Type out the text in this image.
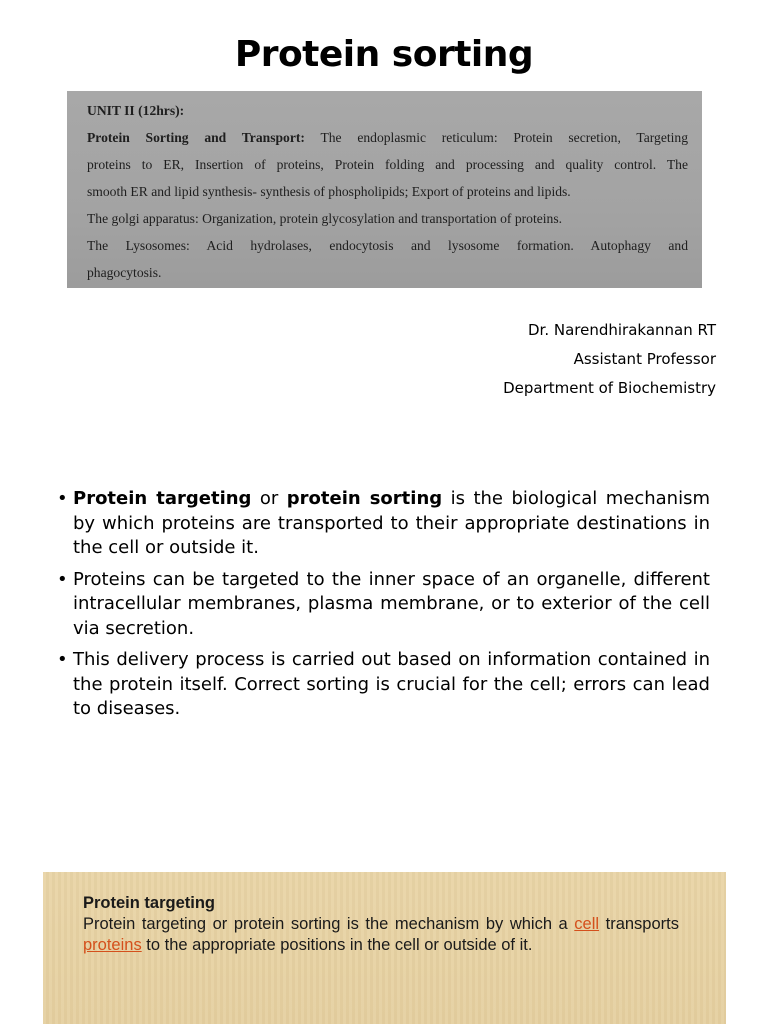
Protein sorting
UNIT II (12hrs):
Protein Sorting and Transport: The endoplasmic reticulum: Protein secretion, Targeting
proteins to ER, Insertion of proteins, Protein folding and processing and quality control. The
smooth ER and lipid synthesis- synthesis of phospholipids; Export of proteins and lipids.
The golgi apparatus: Organization, protein glycosylation and transportation of proteins.
The Lysosomes: Acid hydrolases, endocytosis and lysosome formation. Autophagy and
phagocytosis.
Dr. Narendhirakannan RT
Assistant Professor
Department of Biochemistry
• Protein targeting or protein sorting is the biological mechanism by which proteins are transported to their appropriate destinations in the cell or outside it.
• Proteins can be targeted to the inner space of an organelle, different intracellular membranes, plasma membrane, or to exterior of the cell via secretion.
• This delivery process is carried out based on information contained in the protein itself. Correct sorting is crucial for the cell; errors can lead to diseases.
Protein targeting
Protein targeting or protein sorting is the mechanism by which a cell transports proteins to the appropriate positions in the cell or outside of it.
